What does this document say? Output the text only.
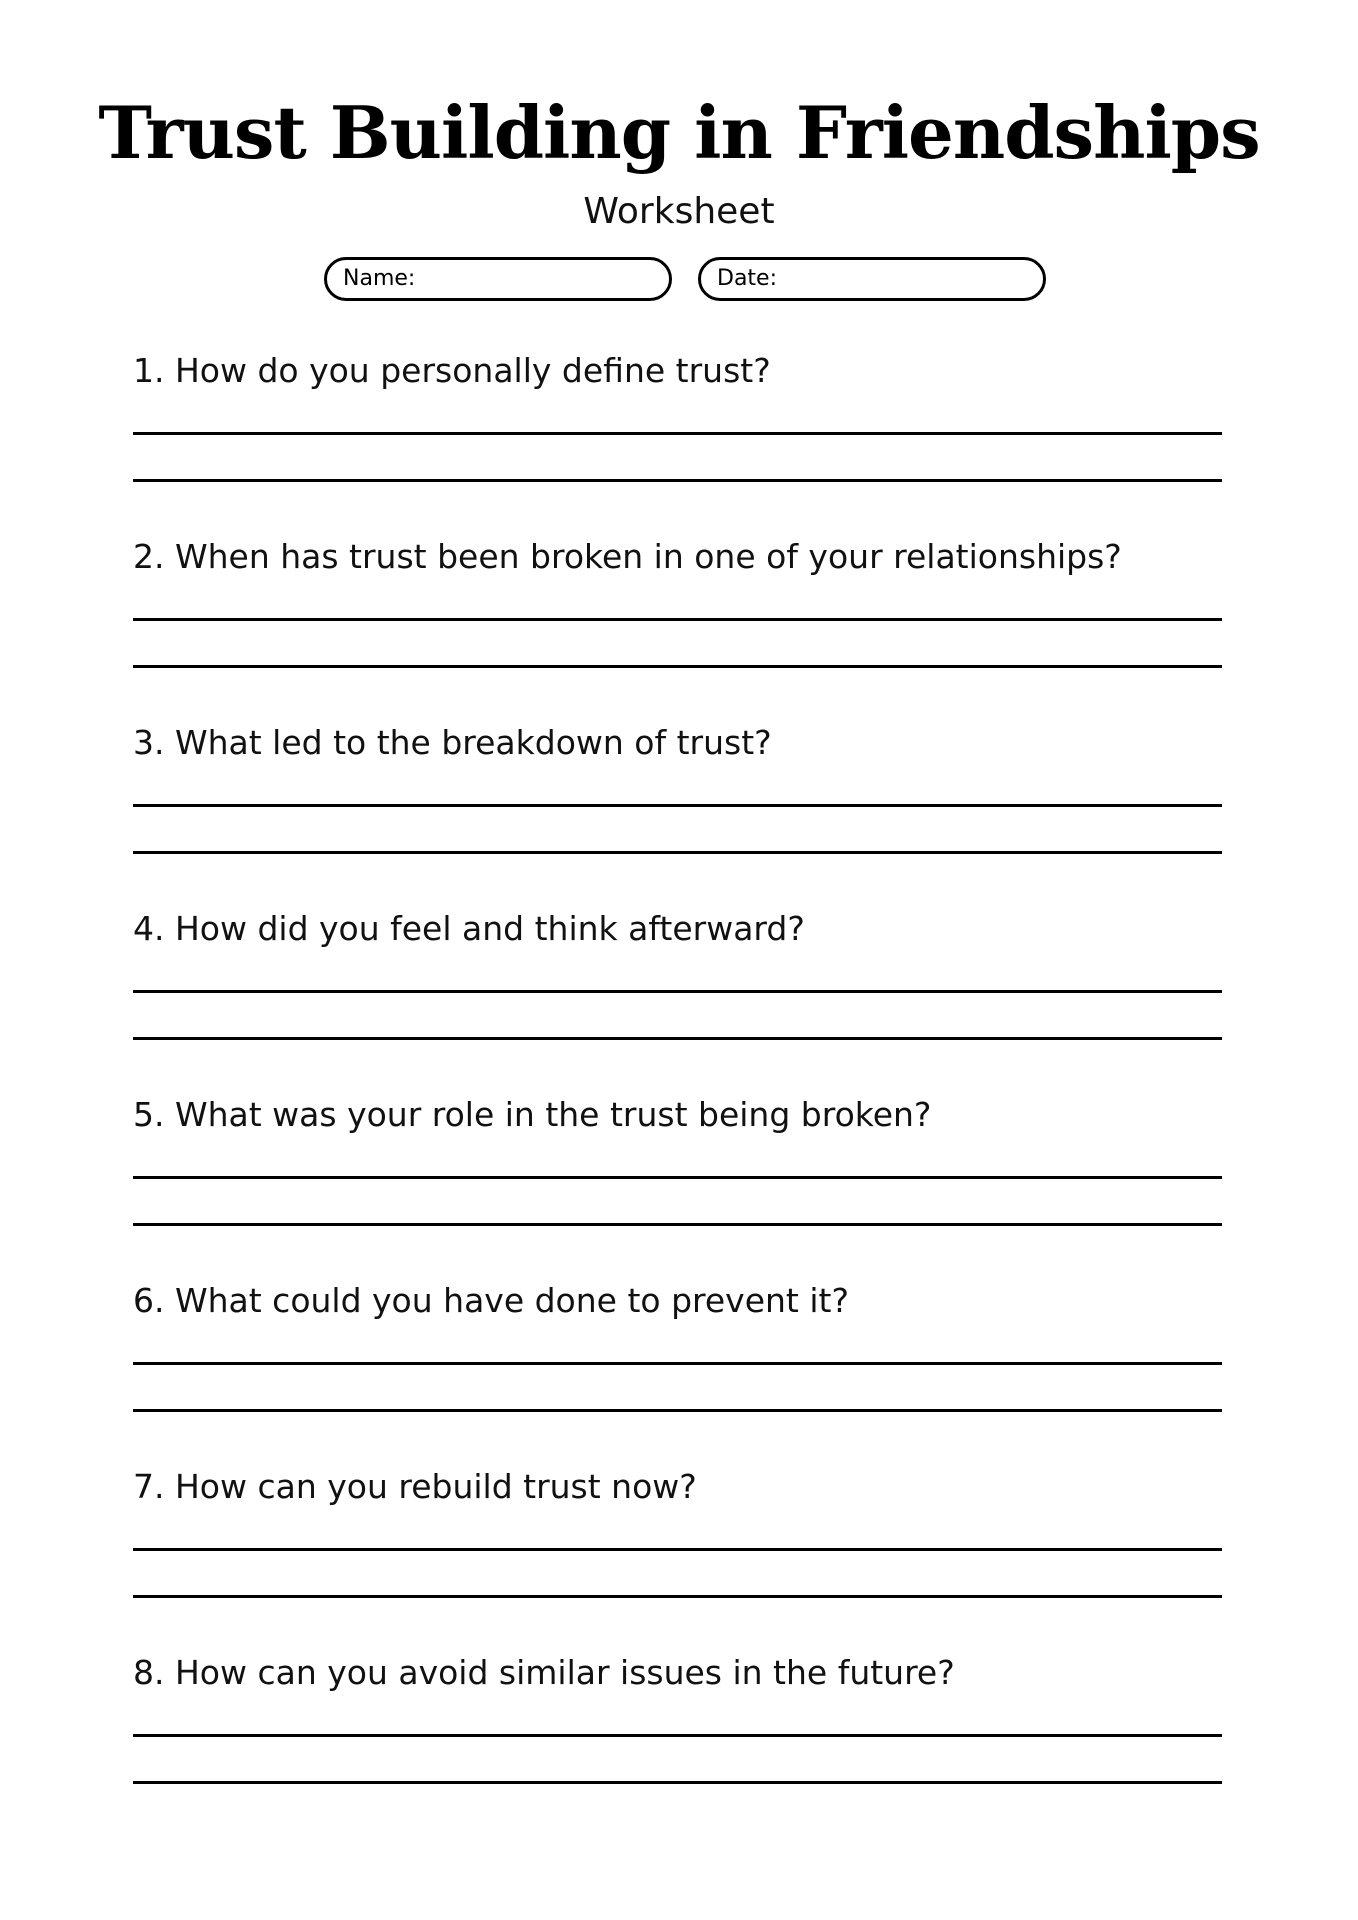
Trust Building in Friendships
Worksheet
Name:	Date:
1. How do you personally define trust?
2. When has trust been broken in one of your relationships?
3. What led to the breakdown of trust?
4. How did you feel and think afterward?
5. What was your role in the trust being broken?
6. What could you have done to prevent it?
7. How can you rebuild trust now?
8. How can you avoid similar issues in the future?
